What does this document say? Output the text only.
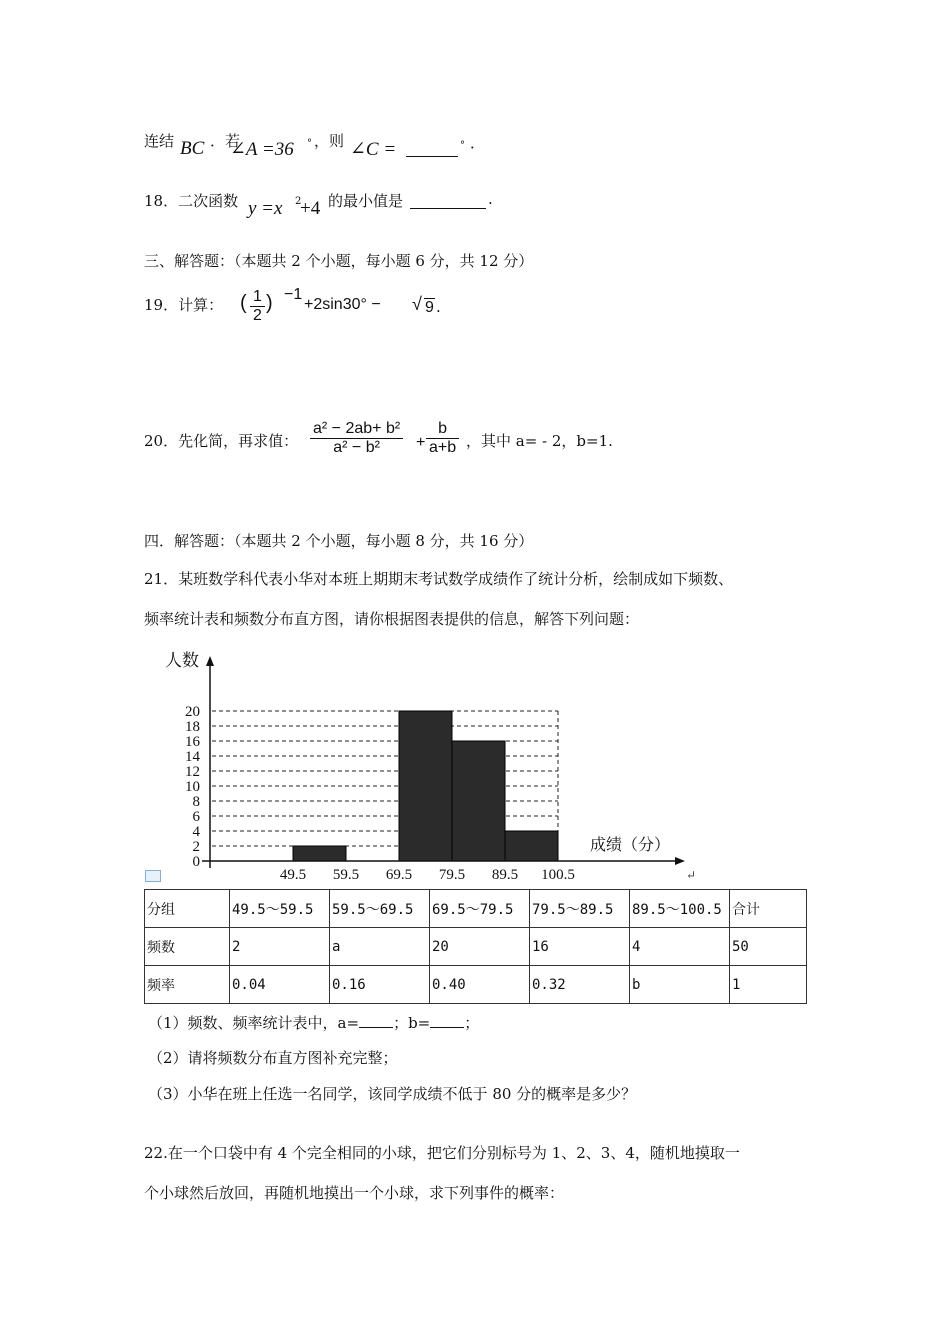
连结 BC ．若
∠A =36 ° ，则 ∠C =	° ．
18．二次函数 y =x 2
+4 的最小值是	.
三、解答题：（本题共 2 个小题，每小题 6 分，共 12 分）
19．计算： ( $\frac{1}{2}$ ) −1
+2sin30° − √ 9 .
20．先化简，再求值： $\frac{\text{a² − 2ab+ b²}}{\text{a² − b²}} + \frac{b}{a+b}$ ，其中 a= - 2，b=1.
四．解答题：（本题共 2 个小题，每小题 8 分，共 16 分）
21．某班数学科代表小华对本班上期期末考试数学成绩作了统计分析，绘制成如下频数、
频率统计表和频数分布直方图，请你根据图表提供的信息，解答下列问题：
0
2
4
6
8
10
12
14
16
18
20
49.5 59.5 69.5 79.5 89.5 100.5
人数
成绩（分）
↵
分组	49.5～59.5	59.5～69.5	69.5～79.5	79.5～89.5	89.5～100.5	合计
频数	2	a	20	16	4	50
频率	0.04	0.16	0.40	0.32	b	1
（1）频数、频率统计表中，a= ；b= ；
（2）请将频数分布直方图补充完整；
（3）小华在班上任选一名同学，该同学成绩不低于 80 分的概率是多少？
22.在一个口袋中有 4 个完全相同的小球，把它们分别标号为 1、2、3、4，随机地摸取一
个小球然后放回，再随机地摸出一个小球，求下列事件的概率：
